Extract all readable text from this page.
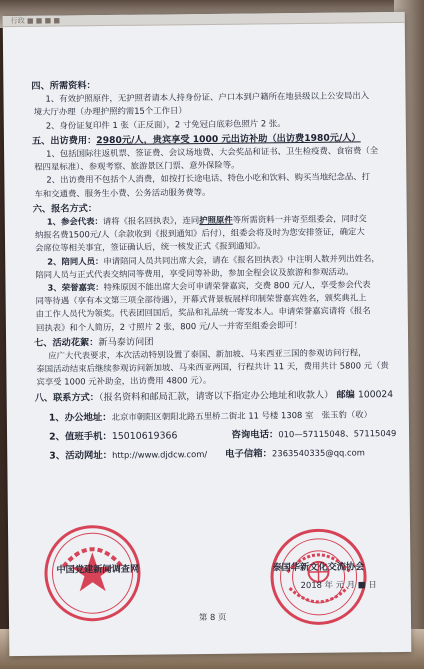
行政 ■ ■ ■ ■
四、所需资料：
1、有效护照原件，无护照者请本人持身份证、户口本到户籍所在地县级以上公安局出入
境大厅办理（办理护照约需15个工作日）
2、身份证复印件 1 张（正反面），2 寸免冠白底彩色照片 2 张。
五、出访费用：2980元/人，贵宾享受 1000 元出访补助（出访费1980元/人）
1、包括国际往返机票、签证费、会议场地费、大会奖品和证书、卫生检疫费、食宿费（全
程四星标准）、参观考察、旅游景区门票、意外保险等。
2、出访费用不包括个人消费，如按打长途电话、特色小吃和饮料、购买当地纪念品、打
车和交通费、服务生小费、公务活动服务费等。
六、报名方式：
1、参会代表：请将《报名回执表》，连同护照原件等所需资料一并寄至组委会，同时交
纳报名费1500元/人（余款收到《报到通知》后付），组委会将及时为您安排签证，确定大
会席位等相关事宜，签证确认后，统一核发正式《报到通知》。
2、陪同人员：申请陪同人员共同出席大会，请在《报名回执表》中注明人数并列出姓名，
陪同人员与正式代表交纳同等费用，享受同等补助，参加全程会议及旅游和参观活动。
3、荣誉嘉宾：特殊原因不能出席大会可申请荣誉嘉宾，交费 800 元/人，享受参会代表
同等待遇（享有本文第三项全部待遇），开幕式背景板展样印制荣誉嘉宾姓名，颁奖典礼上
由工作人员代为领奖。代表团回国后，奖品和礼品统一寄发本人。申请荣誉嘉宾请将《报名
回执表》和个人简历，2 寸照片 2 张，800 元/人一并寄至组委会即可！
七、活动花絮：新马泰访问团
应广大代表要求，本次活动特别设置了泰国、新加坡、马来西亚三国的参观访问行程，
泰国活动结束后继续参观访问新加坡、马来西亚两国，行程共计 11 天，费用共计 5800 元（贵
宾享受 1000 元补助金，出访费用 4800 元）。
八、联系方式：（报名资料和邮局汇款，请寄以下指定办公地址和收款人） 邮编 100024
1、办公地址：北京市朝阳区朝阳北路五里桥二街北 11 号楼 1308 室　张玉豹（收）
2、值班手机：15010619366	咨询电话：010—57115048、57115049
3、活动网址：http://www.djdcw.com/ 电子信箱：2363540335@qq.com
中国党建新闻调查网	泰国华新文化交流协会
2018 年 元 月 ■ 日
第 8 页
